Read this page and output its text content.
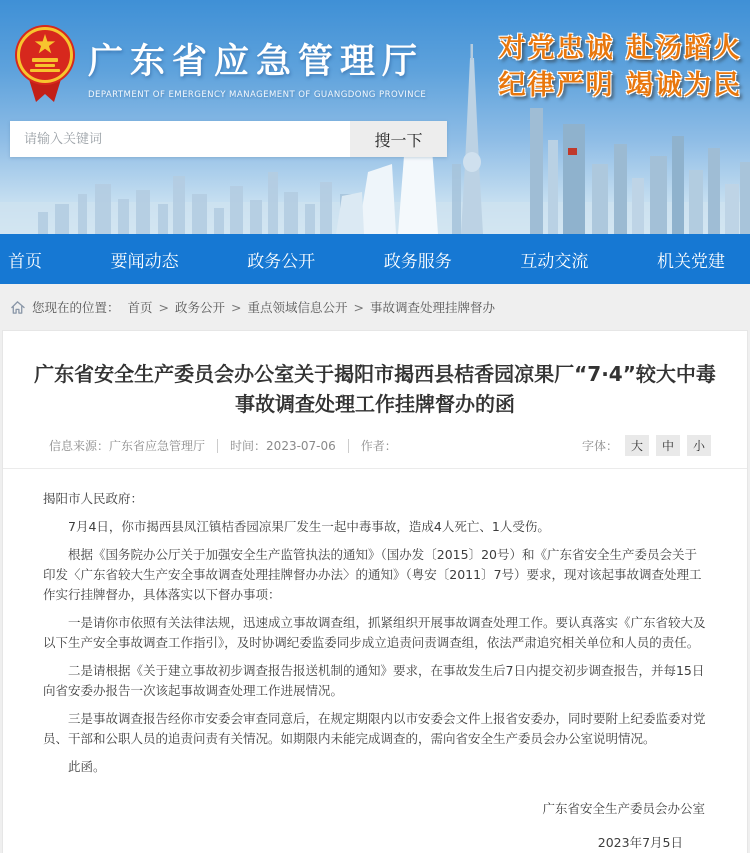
广东省应急管理厅
DEPARTMENT OF EMERGENCY MANAGEMENT OF GUANGDONG PROVINCE
对党忠诚 赴汤蹈火
纪律严明 竭诚为民
请输入关键词
搜一下
首页	要闻动态	政务公开	政务服务	互动交流	机关党建
您现在的位置： 首页 > 政务公开 > 重点领域信息公开 > 事故调查处理挂牌督办
广东省安全生产委员会办公室关于揭阳市揭西县桔香园凉果厂“7·4”较大中毒事故调查处理工作挂牌督办的函
信息来源：广东省应急管理厅 时间：2023-07-06 作者：	字体：	大	中	小

揭阳市人民政府：

7月4日，你市揭西县凤江镇桔香园凉果厂发生一起中毒事故，造成4人死亡、1人受伤。

根据《国务院办公厅关于加强安全生产监管执法的通知》（国办发〔2015〕20号）和《广东省安全生产委员会关于印发〈广东省较大生产安全事故调查处理挂牌督办办法〉的通知》（粤安〔2011〕7号）要求，现对该起事故调查处理工作实行挂牌督办，具体落实以下督办事项：

一是请你市依照有关法律法规，迅速成立事故调查组，抓紧组织开展事故调查处理工作。要认真落实《广东省较大及以下生产安全事故调查工作指引》，及时协调纪委监委同步成立追责问责调查组，依法严肃追究相关单位和人员的责任。

二是请根据《关于建立事故初步调查报告报送机制的通知》要求，在事故发生后7日内提交初步调查报告，并每15日向省安委办报告一次该起事故调查处理工作进展情况。

三是事故调查报告经你市安委会审查同意后，在规定期限内以市安委会文件上报省安委办，同时要附上纪委监委对党员、干部和公职人员的追责问责有关情况。如期限内未能完成调查的，需向省安全生产委员会办公室说明情况。

此函。

广东省安全生产委员会办公室

2023年7月5日
